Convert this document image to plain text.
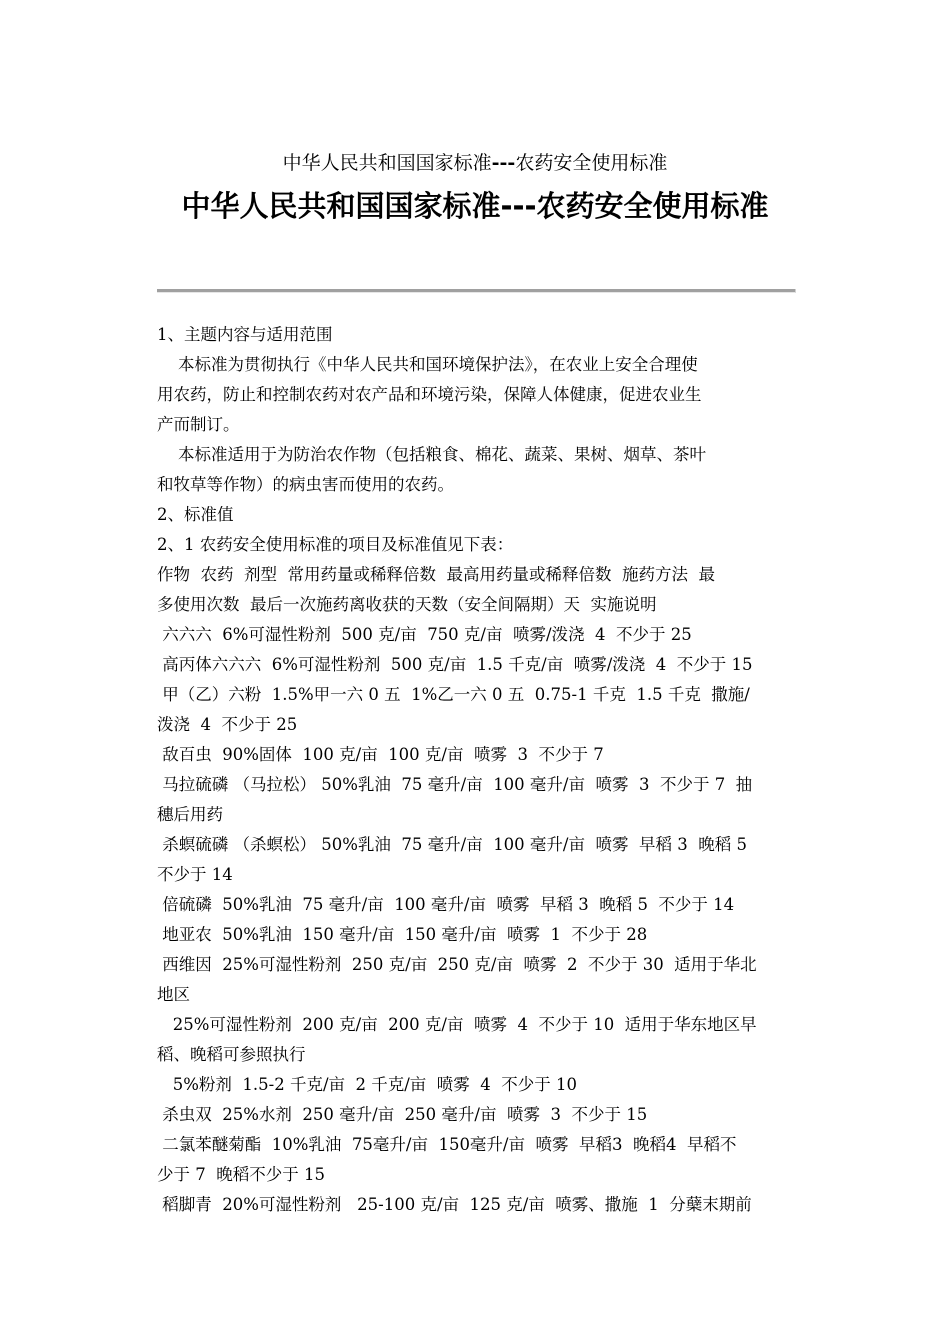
中华人民共和国国家标准---农药安全使用标准
中华人民共和国国家标准---农药安全使用标准

1、主题内容与适用范围

本标准为贯彻执行《中华人民共和国环境保护法》，在农业上安全合理使

用农药，防止和控制农药对农产品和环境污染，保障人体健康，促进农业生

产而制订。

本标准适用于为防治农作物（包括粮食、棉花、蔬菜、果树、烟草、茶叶

和牧草等作物）的病虫害而使用的农药。

2、标准值

2、1 农药安全使用标准的项目及标准值见下表：

作物  农药  剂型  常用药量或稀释倍数  最高用药量或稀释倍数  施药方法  最

多使用次数  最后一次施药离收获的天数（安全间隔期）天  实施说明

六六六  6%可湿性粉剂  500 克/亩  750 克/亩  喷雾/泼浇  4  不少于 25

高丙体六六六  6%可湿性粉剂  500 克/亩  1.5 千克/亩  喷雾/泼浇  4  不少于 15

甲（乙）六粉  1.5%甲一六 0 五  1%乙一六 0 五  0.75-1 千克  1.5 千克  撒施/

泼浇  4  不少于 25

敌百虫  90%固体  100 克/亩  100 克/亩  喷雾  3  不少于 7

马拉硫磷 （马拉松） 50%乳油  75 毫升/亩  100 毫升/亩  喷雾  3  不少于 7  抽

穗后用药

杀螟硫磷 （杀螟松） 50%乳油  75 毫升/亩  100 毫升/亩  喷雾  早稻 3  晚稻 5

不少于 14

倍硫磷  50%乳油  75 毫升/亩  100 毫升/亩  喷雾  早稻 3  晚稻 5  不少于 14

地亚农  50%乳油  150 毫升/亩  150 毫升/亩  喷雾  1  不少于 28

西维因  25%可湿性粉剂  250 克/亩  250 克/亩  喷雾  2  不少于 30  适用于华北

地区

25%可湿性粉剂  200 克/亩  200 克/亩  喷雾  4  不少于 10  适用于华东地区早

稻、晚稻可参照执行

5%粉剂  1.5-2 千克/亩  2 千克/亩  喷雾  4  不少于 10

杀虫双  25%水剂  250 毫升/亩  250 毫升/亩  喷雾  3  不少于 15

二氯苯醚菊酯  10%乳油  75毫升/亩  150毫升/亩  喷雾  早稻3  晚稻4  早稻不

少于 7  晚稻不少于 15

稻脚青  20%可湿性粉剂   25-100 克/亩  125 克/亩  喷雾、撒施  1  分蘖末期前
